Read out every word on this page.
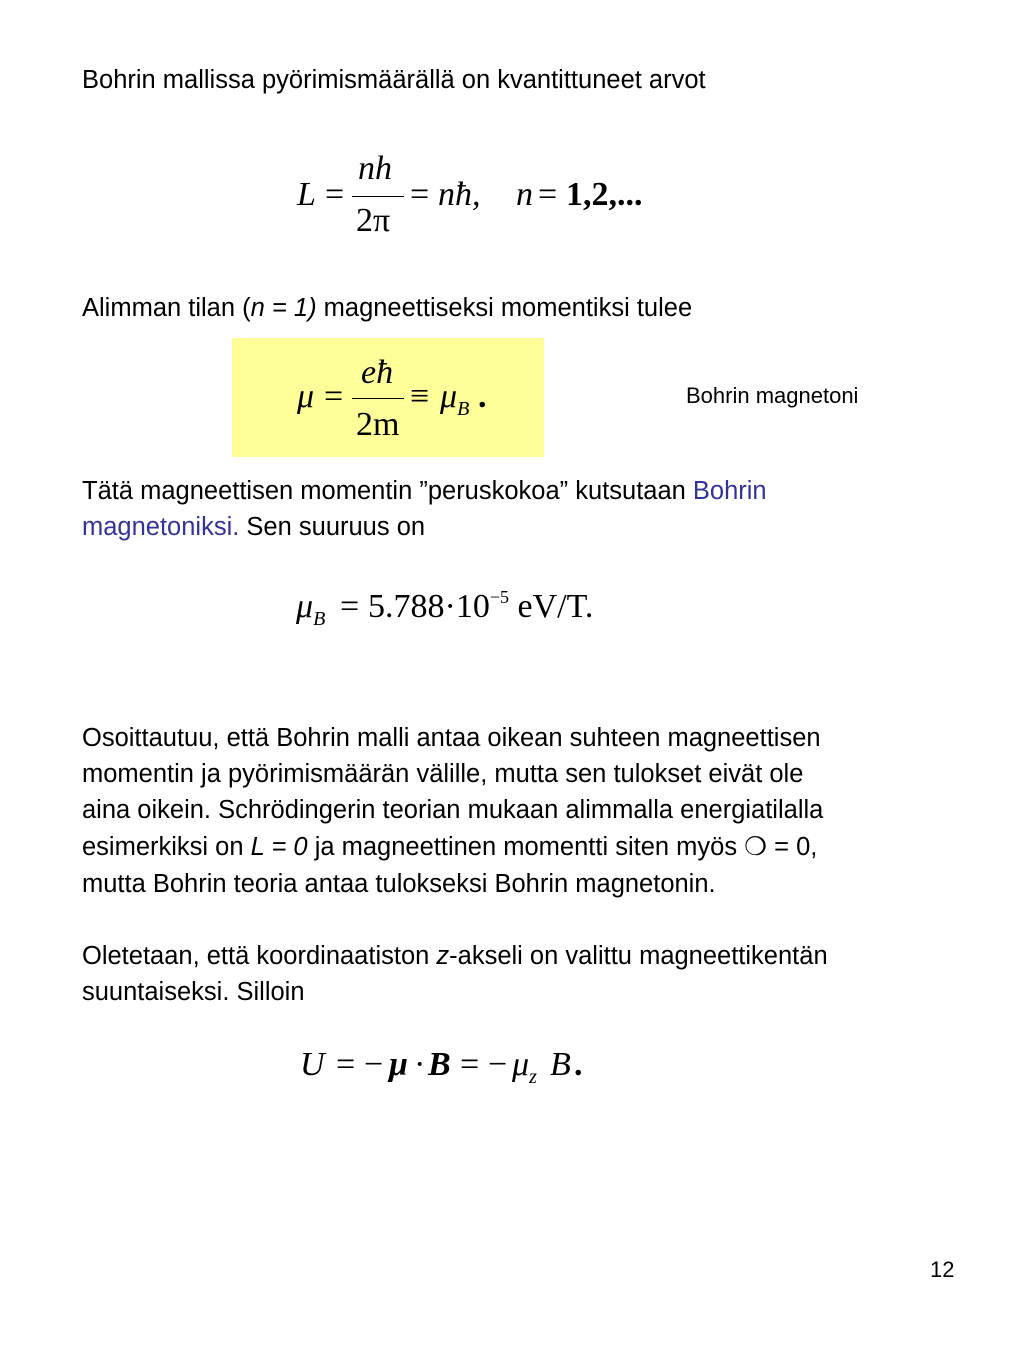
Bohrin mallissa pyörimismäärällä on kvantittuneet arvot

L =
nh
2π
= nħ, n = 1,2,...

Alimman tilan (n = 1) magneettiseksi momentiksi tulee

μ =
eħ
2m
≡ $\mu_B$ .	Bohrin magnetoni

Tätä magneettisen momentin ”peruskokoa” kutsutaan Bohrin

magnetoniksi. Sen suuruus on

$\mu_B = 5.788\cdot 10^{-5}$ eV/T.

Osoittautuu, että Bohrin malli antaa oikean suhteen magneettisen

momentin ja pyörimismäärän välille, mutta sen tulokset eivät ole

aina oikein. Schrödingerin teorian mukaan alimmalla energiatilalla

esimerkiksi on L = 0 ja magneettinen momentti siten myös ❍ = 0,

mutta Bohrin teoria antaa tulokseksi Bohrin magnetonin.

Oletetaan, että koordinaatiston z-akseli on valittu magneettikentän

suuntaiseksi. Silloin

U = − μ · B = − $\mu_z$ B .

12
